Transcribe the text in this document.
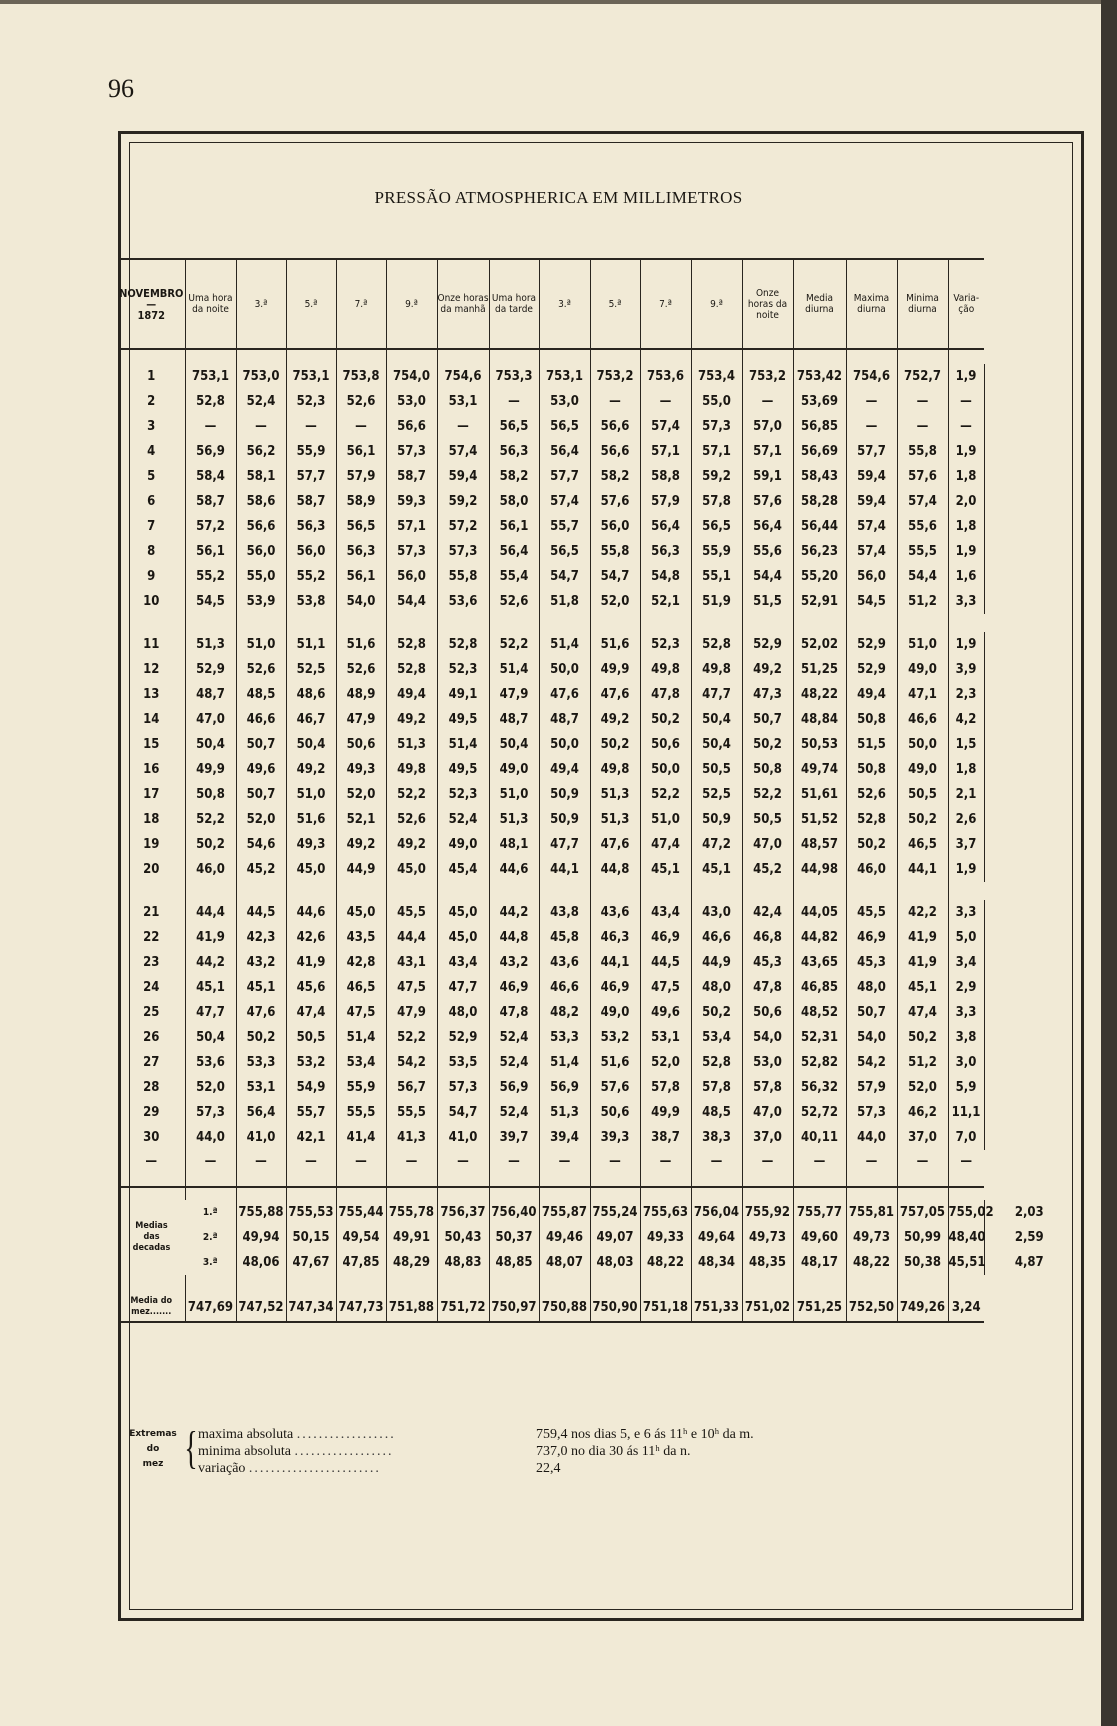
96
PRESSÃO ATMOSPHERICA EM MILLIMETROS
NOVEMBRO
—
1872	Uma hora da noite	3.ª	5.ª	7.ª	9.ª	Onze horas da manhã	Uma hora da tarde	3.ª	5.ª	7.ª	9.ª	Onze horas da noite	Media diurna	Maxima diurna	Minima diurna	Varia-ção	

1	753,1	753,0	753,1	753,8	754,0	754,6	753,3	753,1	753,2	753,6	753,4	753,2	753,42	754,6	752,7	1,9	
2	52,8	52,4	52,3	52,6	53,0	53,1	—	53,0	—	—	55,0	—	53,69	—	—	—	
3	—	—	—	—	56,6	—	56,5	56,5	56,6	57,4	57,3	57,0	56,85	—	—	—	
4	56,9	56,2	55,9	56,1	57,3	57,4	56,3	56,4	56,6	57,1	57,1	57,1	56,69	57,7	55,8	1,9	
5	58,4	58,1	57,7	57,9	58,7	59,4	58,2	57,7	58,2	58,8	59,2	59,1	58,43	59,4	57,6	1,8	
6	58,7	58,6	58,7	58,9	59,3	59,2	58,0	57,4	57,6	57,9	57,8	57,6	58,28	59,4	57,4	2,0	
7	57,2	56,6	56,3	56,5	57,1	57,2	56,1	55,7	56,0	56,4	56,5	56,4	56,44	57,4	55,6	1,8	
8	56,1	56,0	56,0	56,3	57,3	57,3	56,4	56,5	55,8	56,3	55,9	55,6	56,23	57,4	55,5	1,9	
9	55,2	55,0	55,2	56,1	56,0	55,8	55,4	54,7	54,7	54,8	55,1	54,4	55,20	56,0	54,4	1,6	
10	54,5	53,9	53,8	54,0	54,4	53,6	52,6	51,8	52,0	52,1	51,9	51,5	52,91	54,5	51,2	3,3	

11	51,3	51,0	51,1	51,6	52,8	52,8	52,2	51,4	51,6	52,3	52,8	52,9	52,02	52,9	51,0	1,9	
12	52,9	52,6	52,5	52,6	52,8	52,3	51,4	50,0	49,9	49,8	49,8	49,2	51,25	52,9	49,0	3,9	
13	48,7	48,5	48,6	48,9	49,4	49,1	47,9	47,6	47,6	47,8	47,7	47,3	48,22	49,4	47,1	2,3	
14	47,0	46,6	46,7	47,9	49,2	49,5	48,7	48,7	49,2	50,2	50,4	50,7	48,84	50,8	46,6	4,2	
15	50,4	50,7	50,4	50,6	51,3	51,4	50,4	50,0	50,2	50,6	50,4	50,2	50,53	51,5	50,0	1,5	
16	49,9	49,6	49,2	49,3	49,8	49,5	49,0	49,4	49,8	50,0	50,5	50,8	49,74	50,8	49,0	1,8	
17	50,8	50,7	51,0	52,0	52,2	52,3	51,0	50,9	51,3	52,2	52,5	52,2	51,61	52,6	50,5	2,1	
18	52,2	52,0	51,6	52,1	52,6	52,4	51,3	50,9	51,3	51,0	50,9	50,5	51,52	52,8	50,2	2,6	
19	50,2	54,6	49,3	49,2	49,2	49,0	48,1	47,7	47,6	47,4	47,2	47,0	48,57	50,2	46,5	3,7	
20	46,0	45,2	45,0	44,9	45,0	45,4	44,6	44,1	44,8	45,1	45,1	45,2	44,98	46,0	44,1	1,9	

21	44,4	44,5	44,6	45,0	45,5	45,0	44,2	43,8	43,6	43,4	43,0	42,4	44,05	45,5	42,2	3,3	
22	41,9	42,3	42,6	43,5	44,4	45,0	44,8	45,8	46,3	46,9	46,6	46,8	44,82	46,9	41,9	5,0	
23	44,2	43,2	41,9	42,8	43,1	43,4	43,2	43,6	44,1	44,5	44,9	45,3	43,65	45,3	41,9	3,4	
24	45,1	45,1	45,6	46,5	47,5	47,7	46,9	46,6	46,9	47,5	48,0	47,8	46,85	48,0	45,1	2,9	
25	47,7	47,6	47,4	47,5	47,9	48,0	47,8	48,2	49,0	49,6	50,2	50,6	48,52	50,7	47,4	3,3	
26	50,4	50,2	50,5	51,4	52,2	52,9	52,4	53,3	53,2	53,1	53,4	54,0	52,31	54,0	50,2	3,8	
27	53,6	53,3	53,2	53,4	54,2	53,5	52,4	51,4	51,6	52,0	52,8	53,0	52,82	54,2	51,2	3,0	
28	52,0	53,1	54,9	55,9	56,7	57,3	56,9	56,9	57,6	57,8	57,8	57,8	56,32	57,9	52,0	5,9	
29	57,3	56,4	55,7	55,5	55,5	54,7	52,4	51,3	50,6	49,9	48,5	47,0	52,72	57,3	46,2	11,1	
30	44,0	41,0	42,1	41,4	41,3	41,0	39,7	39,4	39,3	38,7	38,3	37,0	40,11	44,0	37,0	7,0	
—	—	—	—	—	—	—	—	—	—	—	—	—	—	—	—	—	

Medias
das
decadas	1.ª	755,88	755,53	755,44	755,78	756,37	756,40	755,87	755,24	755,63	756,04	755,92	755,77	755,81	757,05	755,02	2,03
	2.ª	49,94	50,15	49,54	49,91	50,43	50,37	49,46	49,07	49,33	49,64	49,73	49,60	49,73	50,99	48,40	2,59
	3.ª	48,06	47,67	47,85	48,29	48,83	48,85	48,07	48,03	48,22	48,34	48,35	48,17	48,22	50,38	45,51	4,87

Media do mez.......	747,69	747,52	747,34	747,73	751,88	751,72	750,97	750,88	750,90	751,18	751,33	751,02	751,25	752,50	749,26	3,24	
Extremas
do
mez { maxima absoluta ..................	759,4 nos dias 5, e 6 ás 11ʰ e 10ʰ da m.
minima absoluta ..................	737,0 no dia 30 ás 11ʰ da n.
variação ........................	22,4
